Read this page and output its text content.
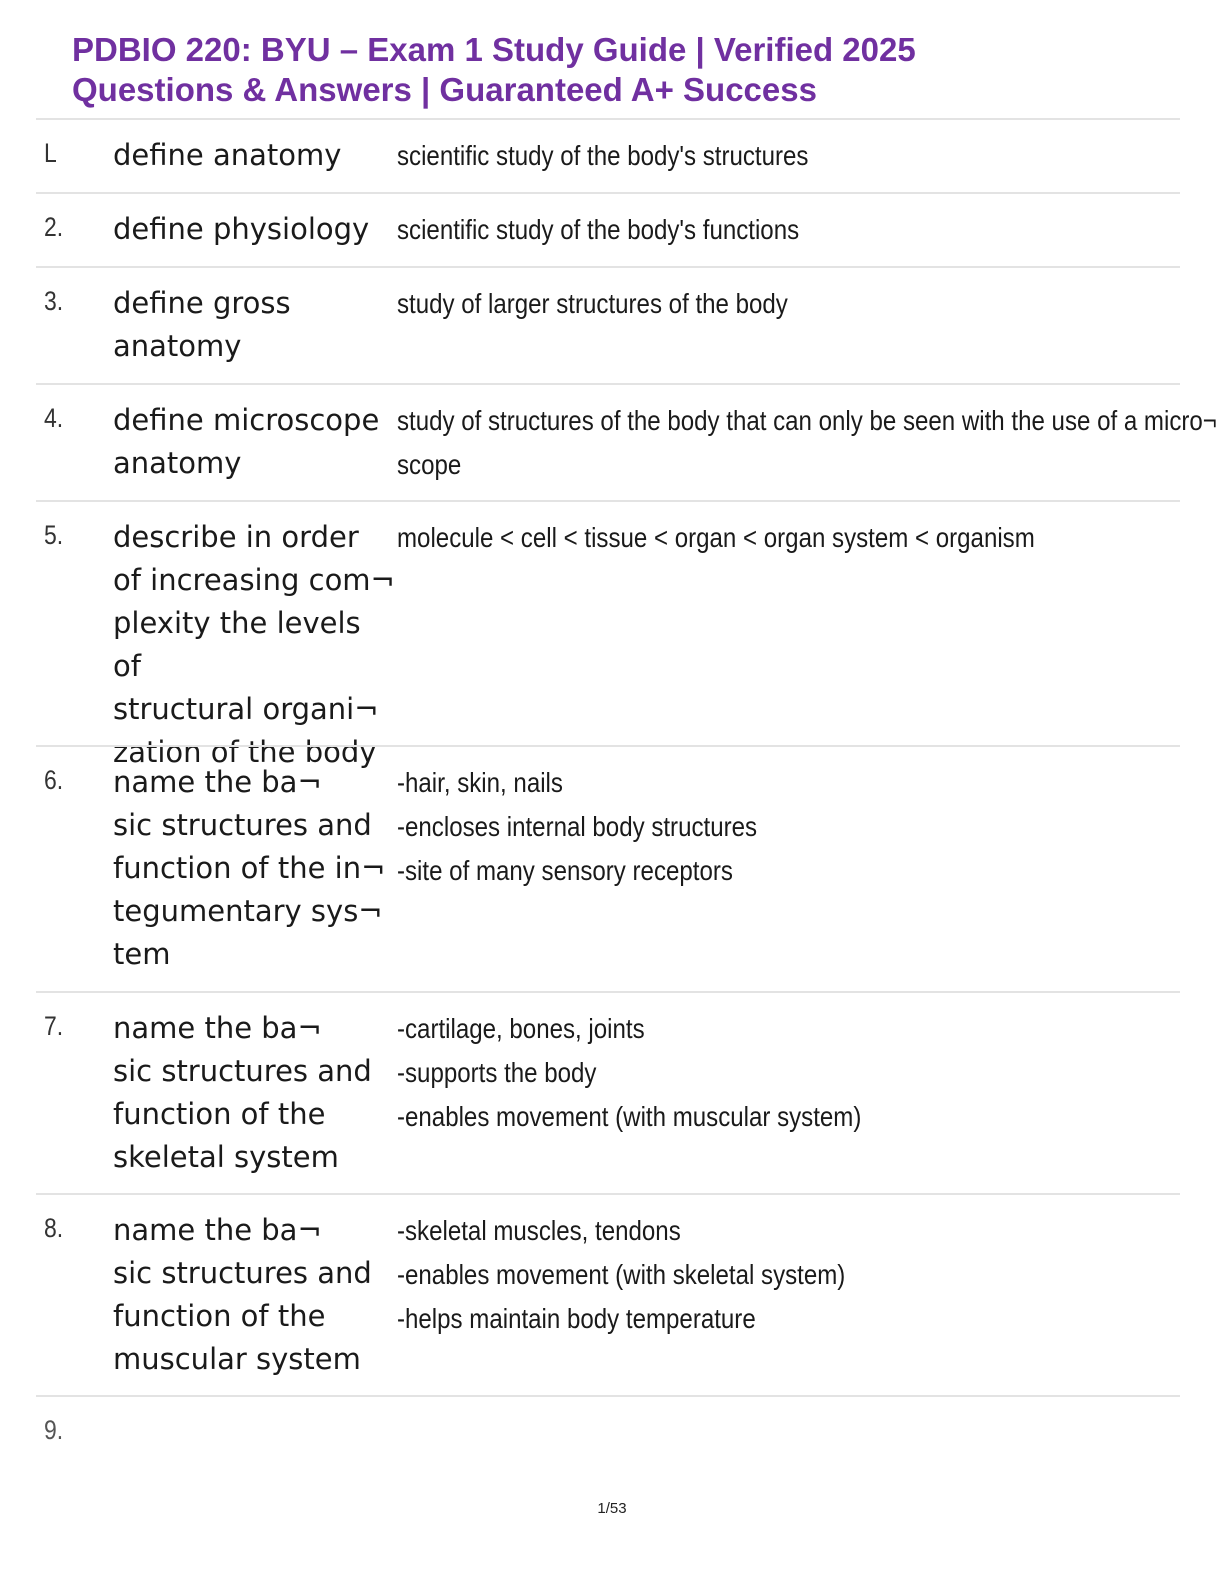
PDBIO 220: BYU – Exam 1 Study Guide | Verified 2025
Questions & Answers | Guaranteed A+ Success
L define anatomy	scientific study of the body's structures
2. define physiology scientific study of the body's functions
3. define gross
anatomy
study of larger structures of the body
4. define microscope
anatomy
study of structures of the body that can only be seen with the use of a micro¬
scope
5. describe in order
of increasing com¬
plexity the levels of
structural organi¬
zation of the body
molecule < cell < tissue < organ < organ system < organism
6. name the ba¬
sic structures and
function of the in¬
tegumentary sys¬
tem
-hair, skin, nails
-encloses internal body structures
-site of many sensory receptors
7. name the ba¬
sic structures and
function of the
skeletal system
-cartilage, bones, joints
-supports the body
-enables movement (with muscular system)
8. name the ba¬
sic structures and
function of the
muscular system
-skeletal muscles, tendons
-enables movement (with skeletal system)
-helps maintain body temperature
9.
1/53
